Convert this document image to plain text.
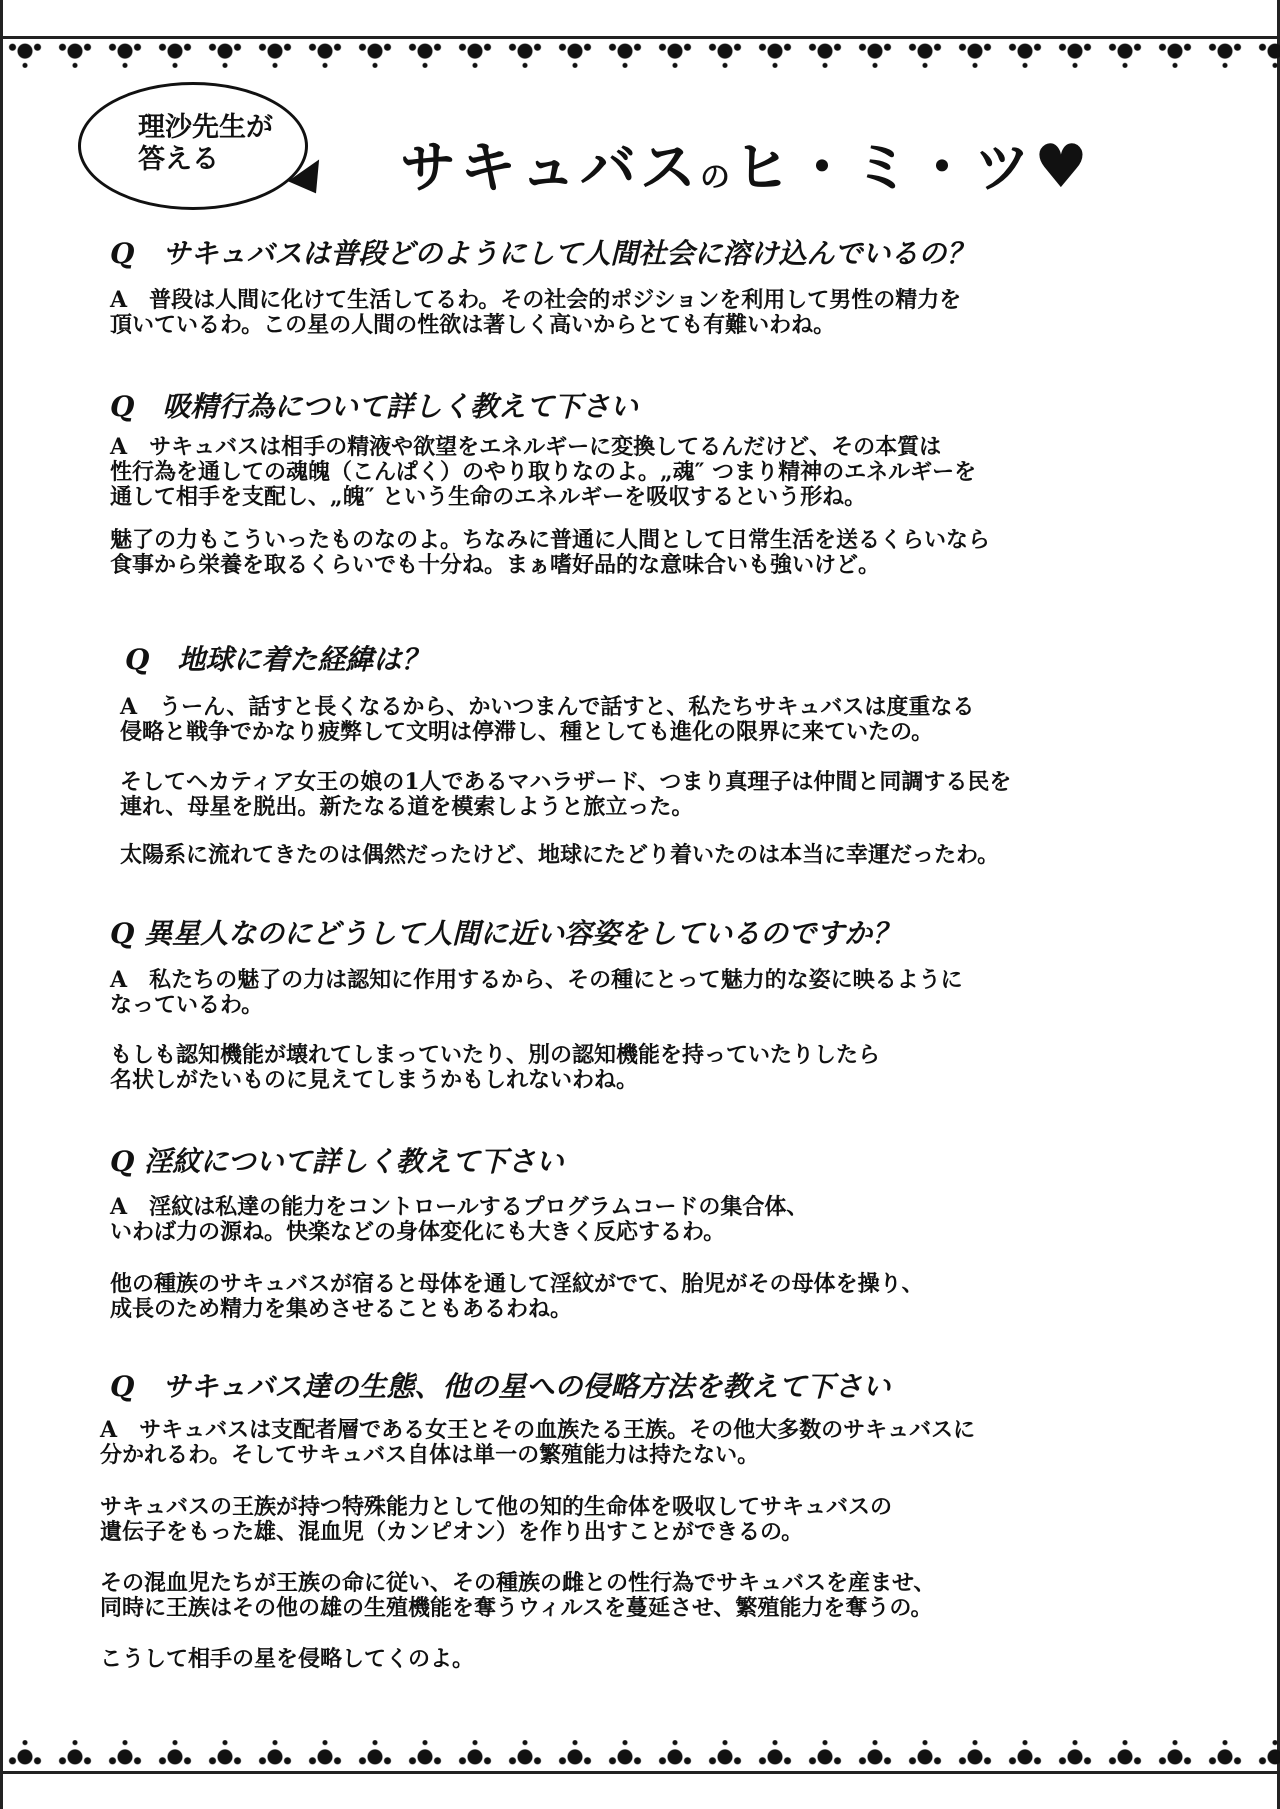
理沙先生が
答える	サキュバスのヒ・ミ・ツ♥
Q　サキュバスは普段どのようにして人間社会に溶け込んでいるの？
A　普段は人間に化けて生活してるわ。その社会的ポジションを利用して男性の精力を
頂いているわ。この星の人間の性欲は著しく高いからとても有難いわね。
Q　吸精行為について詳しく教えて下さい
A　サキュバスは相手の精液や欲望をエネルギーに変換してるんだけど、その本質は
性行為を通しての魂魄（こんぱく）のやり取りなのよ。„魂″ つまり精神のエネルギーを
通して相手を支配し、„魄″ という生命のエネルギーを吸収するという形ね。
魅了の力もこういったものなのよ。ちなみに普通に人間として日常生活を送るくらいなら
食事から栄養を取るくらいでも十分ね。まぁ嗜好品的な意味合いも強いけど。
Q　地球に着た経緯は？
A　うーん、話すと長くなるから、かいつまんで話すと、私たちサキュバスは度重なる
侵略と戦争でかなり疲弊して文明は停滞し、種としても進化の限界に来ていたの。
そしてヘカティア女王の娘の1人であるマハラザード、つまり真理子は仲間と同調する民を
連れ、母星を脱出。新たなる道を模索しようと旅立った。
太陽系に流れてきたのは偶然だったけど、地球にたどり着いたのは本当に幸運だったわ。
Q 異星人なのにどうして人間に近い容姿をしているのですか？
A　私たちの魅了の力は認知に作用するから、その種にとって魅力的な姿に映るように
なっているわ。
もしも認知機能が壊れてしまっていたり、別の認知機能を持っていたりしたら
名状しがたいものに見えてしまうかもしれないわね。
Q 淫紋について詳しく教えて下さい
A　淫紋は私達の能力をコントロールするプログラムコードの集合体、
いわば力の源ね。快楽などの身体変化にも大きく反応するわ。
他の種族のサキュバスが宿ると母体を通して淫紋がでて、胎児がその母体を操り、
成長のため精力を集めさせることもあるわね。
Q　サキュバス達の生態、他の星への侵略方法を教えて下さい
A　サキュバスは支配者層である女王とその血族たる王族。その他大多数のサキュバスに
分かれるわ。そしてサキュバス自体は単一の繁殖能力は持たない。
サキュバスの王族が持つ特殊能力として他の知的生命体を吸収してサキュバスの
遺伝子をもった雄、混血児（カンピオン）を作り出すことができるの。
その混血児たちが王族の命に従い、その種族の雌との性行為でサキュバスを産ませ、
同時に王族はその他の雄の生殖機能を奪うウィルスを蔓延させ、繁殖能力を奪うの。
こうして相手の星を侵略してくのよ。
